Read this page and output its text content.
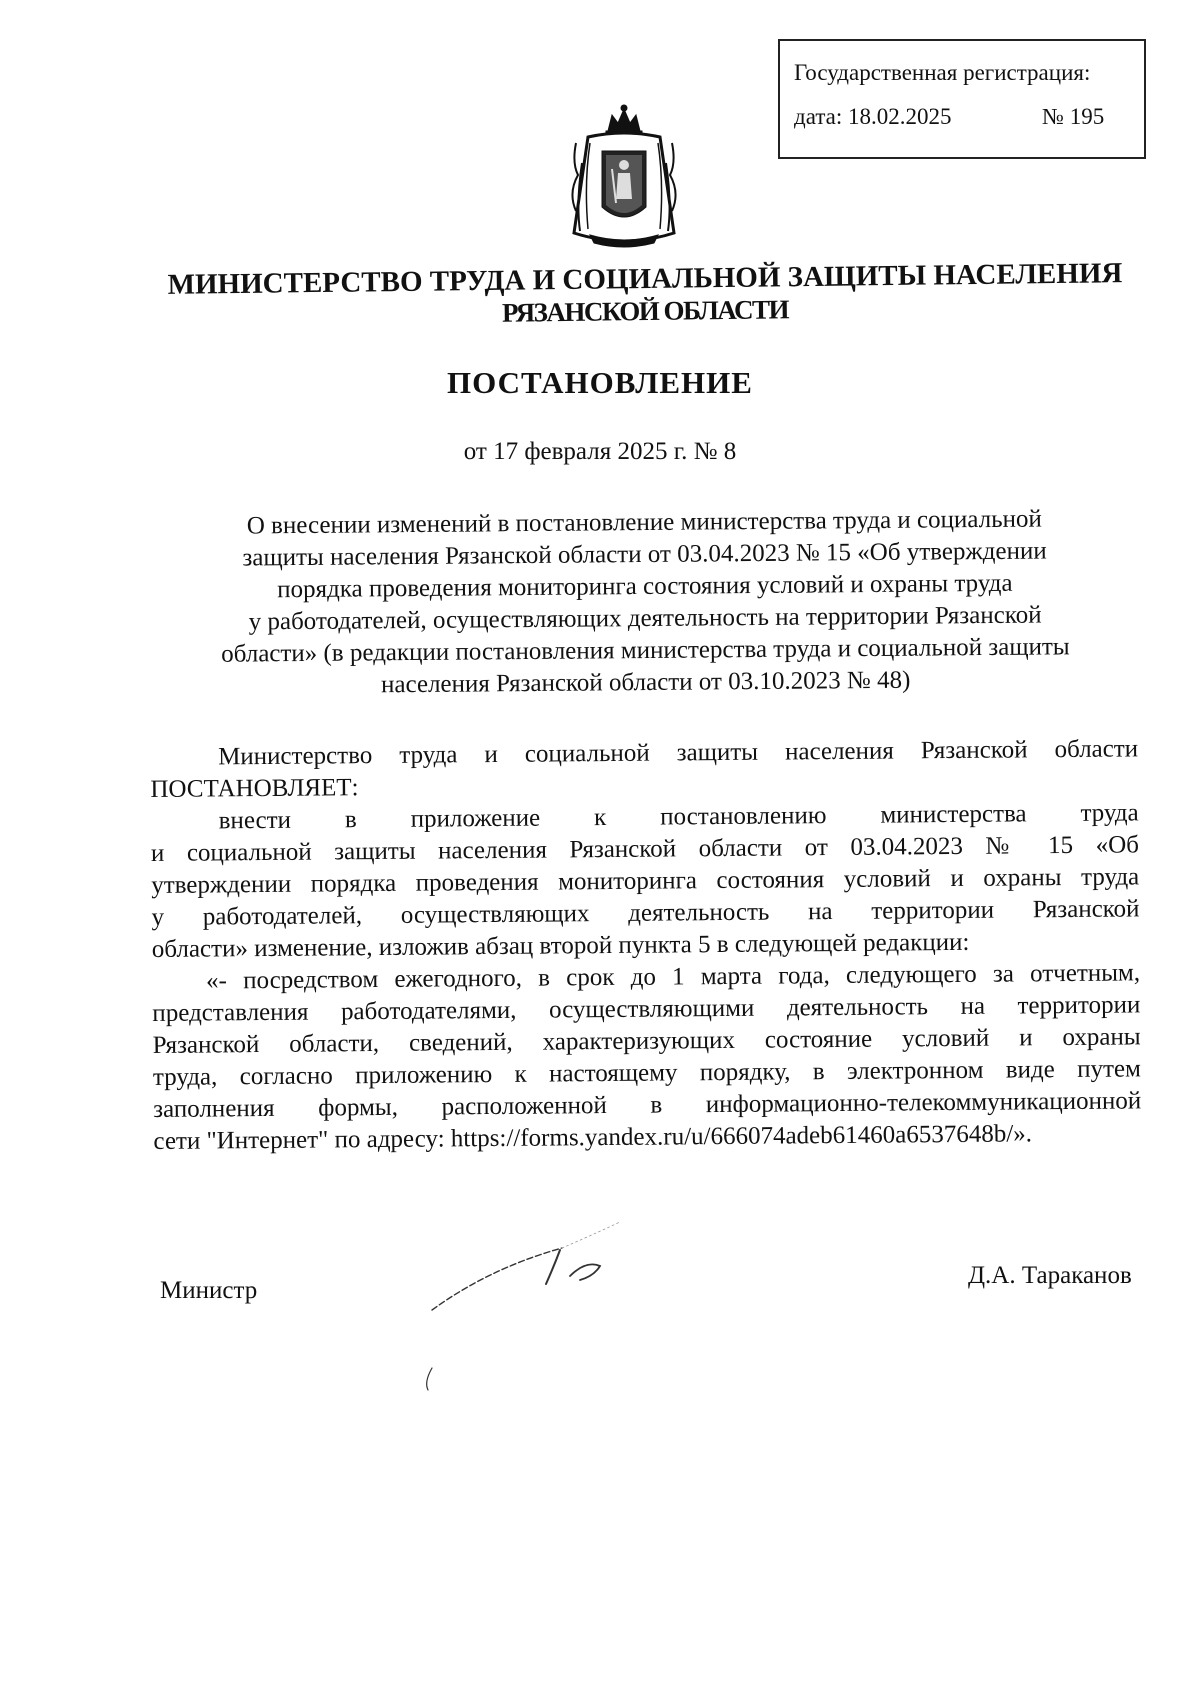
Государственная регистрация:
дата: 18.02.2025	№ 195
МИНИСТЕРСТВО ТРУДА И СОЦИАЛЬНОЙ ЗАЩИТЫ НАСЕЛЕНИЯ
РЯЗАНСКОЙ ОБЛАСТИ
ПОСТАНОВЛЕНИЕ
от 17 февраля 2025 г. № 8
О внесении изменений в постановление министерства труда и социальной
защиты населения Рязанской области от 03.04.2023 № 15 «Об утверждении
порядка проведения мониторинга состояния условий и охраны труда
у работодателей, осуществляющих деятельность на территории Рязанской
области» (в редакции постановления министерства труда и социальной защиты
населения Рязанской области от 03.10.2023 № 48)
Министерство труда и социальной защиты населения Рязанской области
ПОСТАНОВЛЯЕТ:
внести в приложение к постановлению министерства труда
и социальной защиты населения Рязанской области от 03.04.2023 № 15 «Об
утверждении порядка проведения мониторинга состояния условий и охраны труда
у работодателей, осуществляющих деятельность на территории Рязанской
области» изменение, изложив абзац второй пункта 5 в следующей редакции:
«- посредством ежегодного, в срок до 1 марта года, следующего за отчетным,
представления работодателями, осуществляющими деятельность на территории
Рязанской области, сведений, характеризующих состояние условий и охраны
труда, согласно приложению к настоящему порядку, в электронном виде путем
заполнения формы, расположенной в информационно-телекоммуникационной
сети "Интернет" по адресу: https://forms.yandex.ru/u/666074adeb61460a6537648b/».
Министр
Д.А. Тараканов
